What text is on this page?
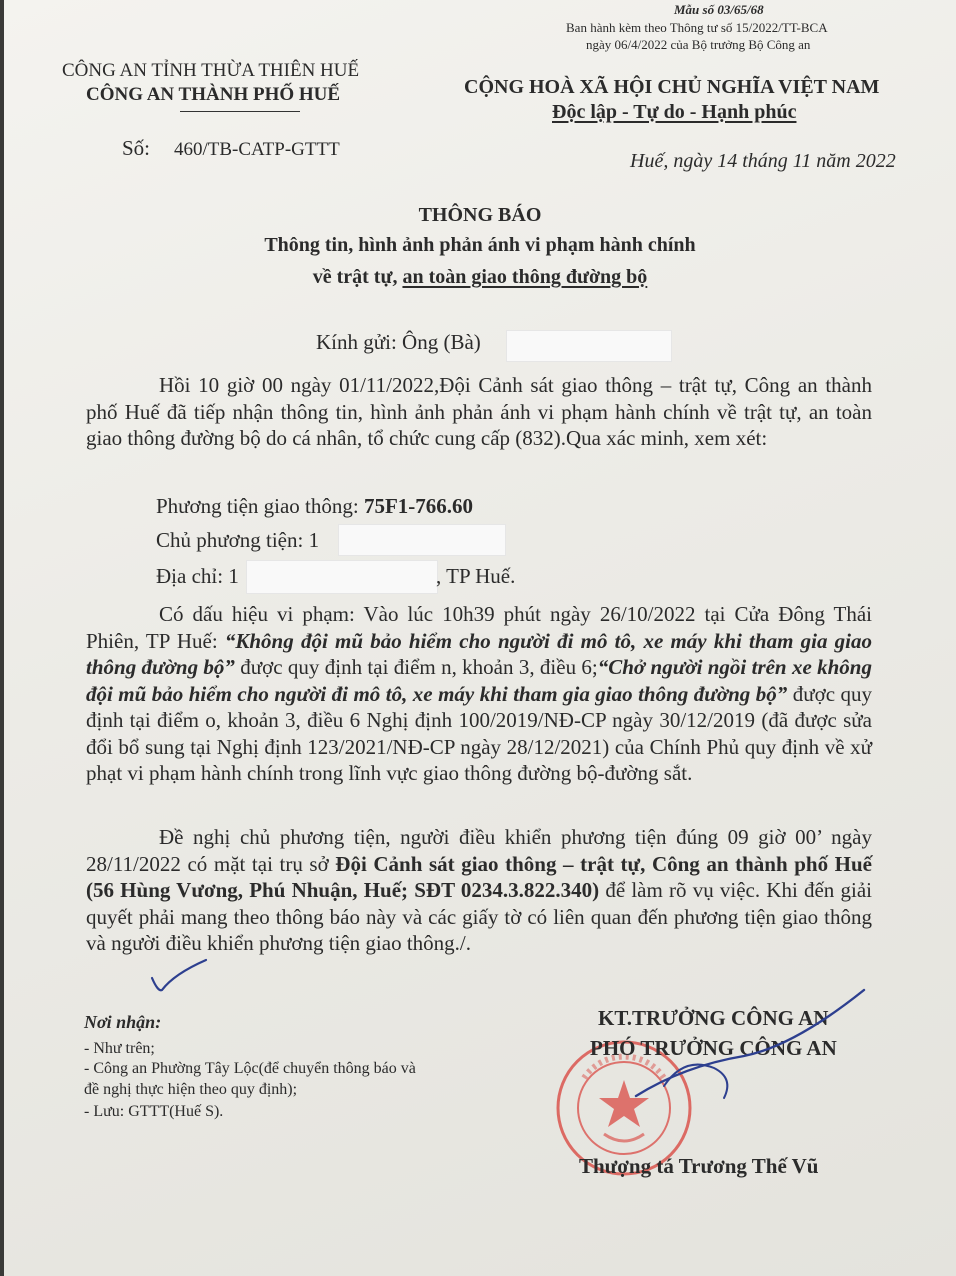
Mẫu số 03/65/68
Ban hành kèm theo Thông tư số 15/2022/TT-BCA
ngày 06/4/2022 của Bộ trưởng Bộ Công an
CÔNG AN TỈNH THỪA THIÊN HUẾ
CÔNG AN THÀNH PHỐ HUẾ
Số: 460/TB-CATP-GTTT
CỘNG HOÀ XÃ HỘI CHỦ NGHĨA VIỆT NAM
Độc lập - Tự do - Hạnh phúc
Huế, ngày 14 tháng 11 năm 2022
THÔNG BÁO
Thông tin, hình ảnh phản ánh vi phạm hành chính
về trật tự, an toàn giao thông đường bộ
Kính gửi: Ông (Bà)

Hồi 10 giờ 00 ngày 01/11/2022,Đội Cảnh sát giao thông – trật tự, Công an thành phố Huế đã tiếp nhận thông tin, hình ảnh phản ánh vi phạm hành chính về trật tự, an toàn giao thông đường bộ do cá nhân, tổ chức cung cấp (832).Qua xác minh, xem xét:

Phương tiện giao thông: 75F1-766.60
Chủ phương tiện: 1
Địa chỉ: 1	, TP Huế.

Có dấu hiệu vi phạm: Vào lúc 10h39 phút ngày 26/10/2022 tại Cửa Đông Thái Phiên, TP Huế: “Không đội mũ bảo hiểm cho người đi mô tô, xe máy khi tham gia giao thông đường bộ” được quy định tại điểm n, khoản 3, điều 6;“Chở người ngồi trên xe không đội mũ bảo hiểm cho người đi mô tô, xe máy khi tham gia giao thông đường bộ” được quy định tại điểm o, khoản 3, điều 6 Nghị định 100/2019/NĐ-CP ngày 30/12/2019 (đã được sửa đổi bổ sung tại Nghị định 123/2021/NĐ-CP ngày 28/12/2021) của Chính Phủ quy định về xử phạt vi phạm hành chính trong lĩnh vực giao thông đường bộ-đường sắt.

Đề nghị chủ phương tiện, người điều khiển phương tiện đúng 09 giờ 00’ ngày 28/11/2022 có mặt tại trụ sở Đội Cảnh sát giao thông – trật tự, Công an thành phố Huế (56 Hùng Vương, Phú Nhuận, Huế; SĐT 0234.3.822.340) để làm rõ vụ việc. Khi đến giải quyết phải mang theo thông báo này và các giấy tờ có liên quan đến phương tiện giao thông và người điều khiển phương tiện giao thông./.

Nơi nhận:
- Như trên;
- Công an Phường Tây Lộc(để chuyển thông báo và
đề nghị thực hiện theo quy định);
- Lưu: GTTT(Huế S).
KT.TRƯỞNG CÔNG AN
PHÓ TRƯỞNG CÔNG AN
Thượng tá Trương Thế Vũ
